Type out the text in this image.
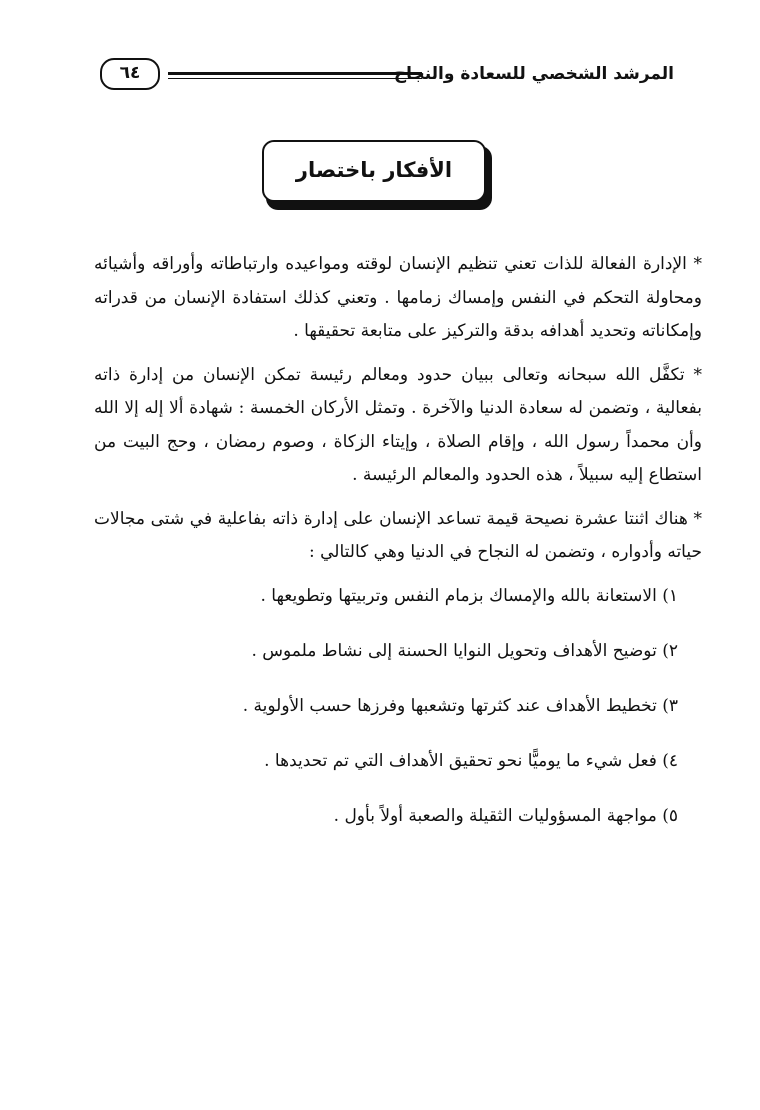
٦٤	المرشد الشخصي للسعادة والنجاح
الأفكار باختصار

* الإدارة الفعالة للذات تعني تنظيم الإنسان لوقته ومواعيده وارتباطاته وأوراقه وأشيائه ومحاولة التحكم في النفس وإمساك زمامها . وتعني كذلك استفادة الإنسان من قدراته وإمكاناته وتحديد أهدافه بدقة والتركيز على متابعة تحقيقها .

* تكفَّل الله سبحانه وتعالى ببيان حدود ومعالم رئيسة تمكن الإنسان من إدارة ذاته بفعالية ، وتضمن له سعادة الدنيا والآخرة . وتمثل الأركان الخمسة : شهادة ألا إله إلا الله وأن محمداً رسول الله ، وإقام الصلاة ، وإيتاء الزكاة ، وصوم رمضان ، وحج البيت من استطاع إليه سبيلاً ، هذه الحدود والمعالم الرئيسة .

* هناك اثنتا عشرة نصيحة قيمة تساعد الإنسان على إدارة ذاته بفاعلية في شتى مجالات حياته وأدواره ، وتضمن له النجاح في الدنيا وهي كالتالي :

١) الاستعانة بالله والإمساك بزمام النفس وتربيتها وتطويعها .
٢) توضيح الأهداف وتحويل النوايا الحسنة إلى نشاط ملموس .
٣) تخطيط الأهداف عند كثرتها وتشعبها وفرزها حسب الأولوية .
٤) فعل شيء ما يوميًّا نحو تحقيق الأهداف التي تم تحديدها .
٥) مواجهة المسؤوليات الثقيلة والصعبة أولاً بأول .
